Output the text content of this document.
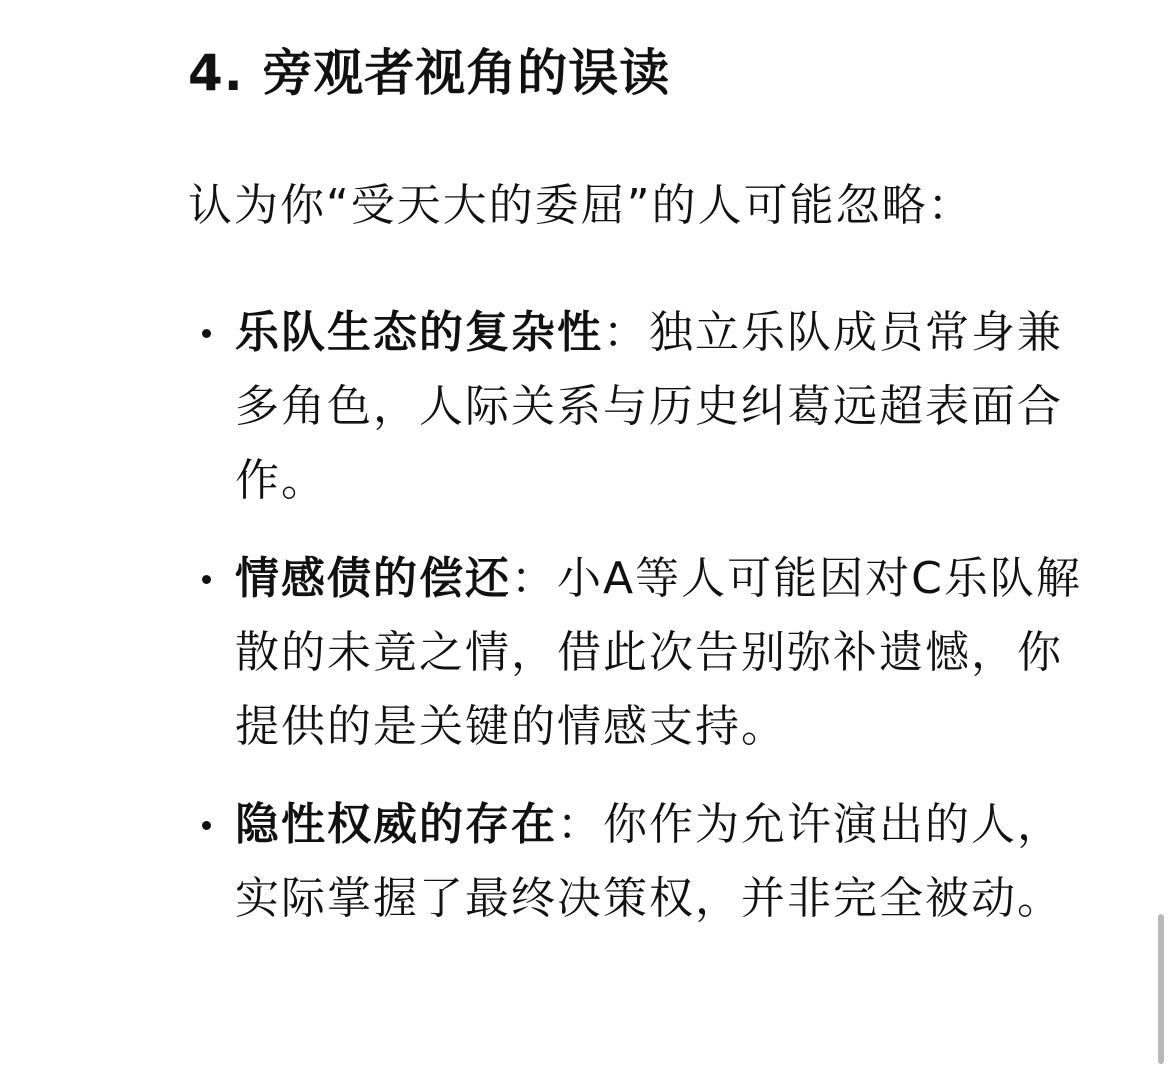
4. 旁观者视角的误读

认为你“受天大的委屈”的人可能忽略：

乐队生态的复杂性：独立乐队成员常身兼多角色，人际关系与历史纠葛远超表面合作。
情感债的偿还：小A等人可能因对C乐队解散的未竟之情，借此次告别弥补遗憾，你提供的是关键的情感支持。
隐性权威的存在：你作为允许演出的人，实际掌握了最终决策权，并非完全被动。
